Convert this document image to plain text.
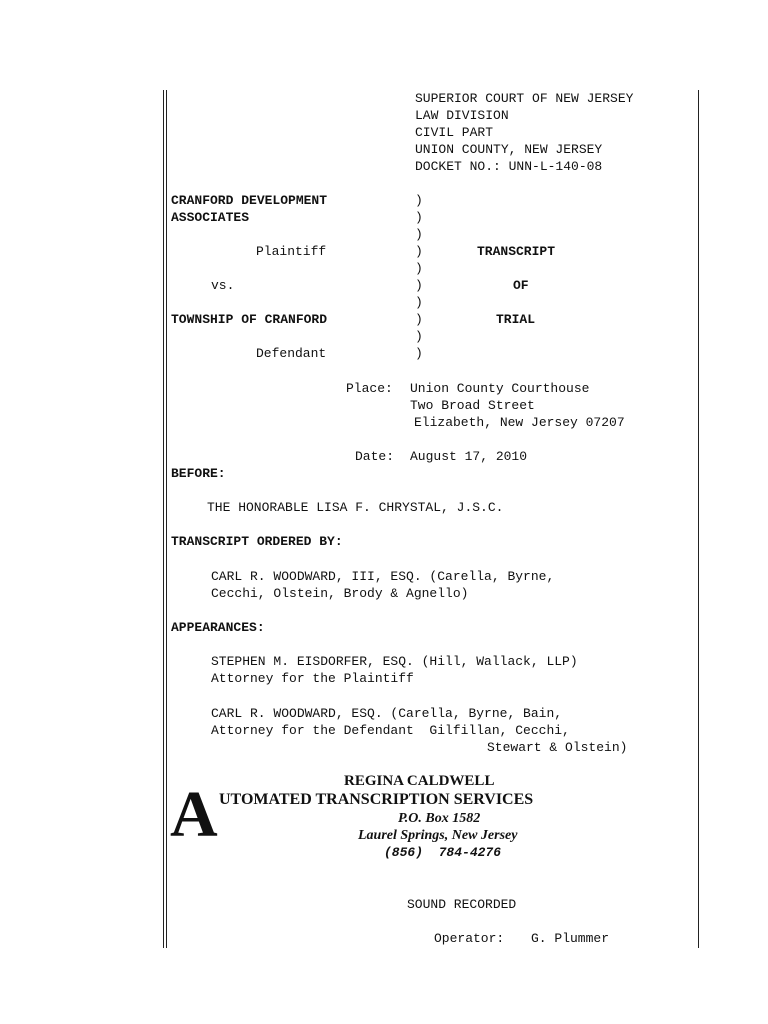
SUPERIOR COURT OF NEW JERSEY
LAW DIVISION
CIVIL PART
UNION COUNTY, NEW JERSEY
DOCKET NO.: UNN-L-140-08
CRANFORD DEVELOPMENT
ASSOCIATES
Plaintiff
vs.
TOWNSHIP OF CRANFORD
Defendant
)
)
)
)
)
)
)
)
)
)
TRANSCRIPT
OF
TRIAL
Place: Union County Courthouse
Two Broad Street
Elizabeth, New Jersey 07207
Date: August 17, 2010
BEFORE:
THE HONORABLE LISA F. CHRYSTAL, J.S.C.
TRANSCRIPT ORDERED BY:
CARL R. WOODWARD, III, ESQ. (Carella, Byrne,
Cecchi, Olstein, Brody & Agnello)
APPEARANCES:
STEPHEN M. EISDORFER, ESQ. (Hill, Wallack, LLP)
Attorney for the Plaintiff
CARL R. WOODWARD, ESQ. (Carella, Byrne, Bain,
Attorney for the Defendant  Gilfillan, Cecchi,
Stewart & Olstein)
REGINA CALDWELL
A UTOMATED TRANSCRIPTION SERVICES
P.O. Box 1582
Laurel Springs, New Jersey
(856)  784-4276
SOUND RECORDED
Operator: G. Plummer
